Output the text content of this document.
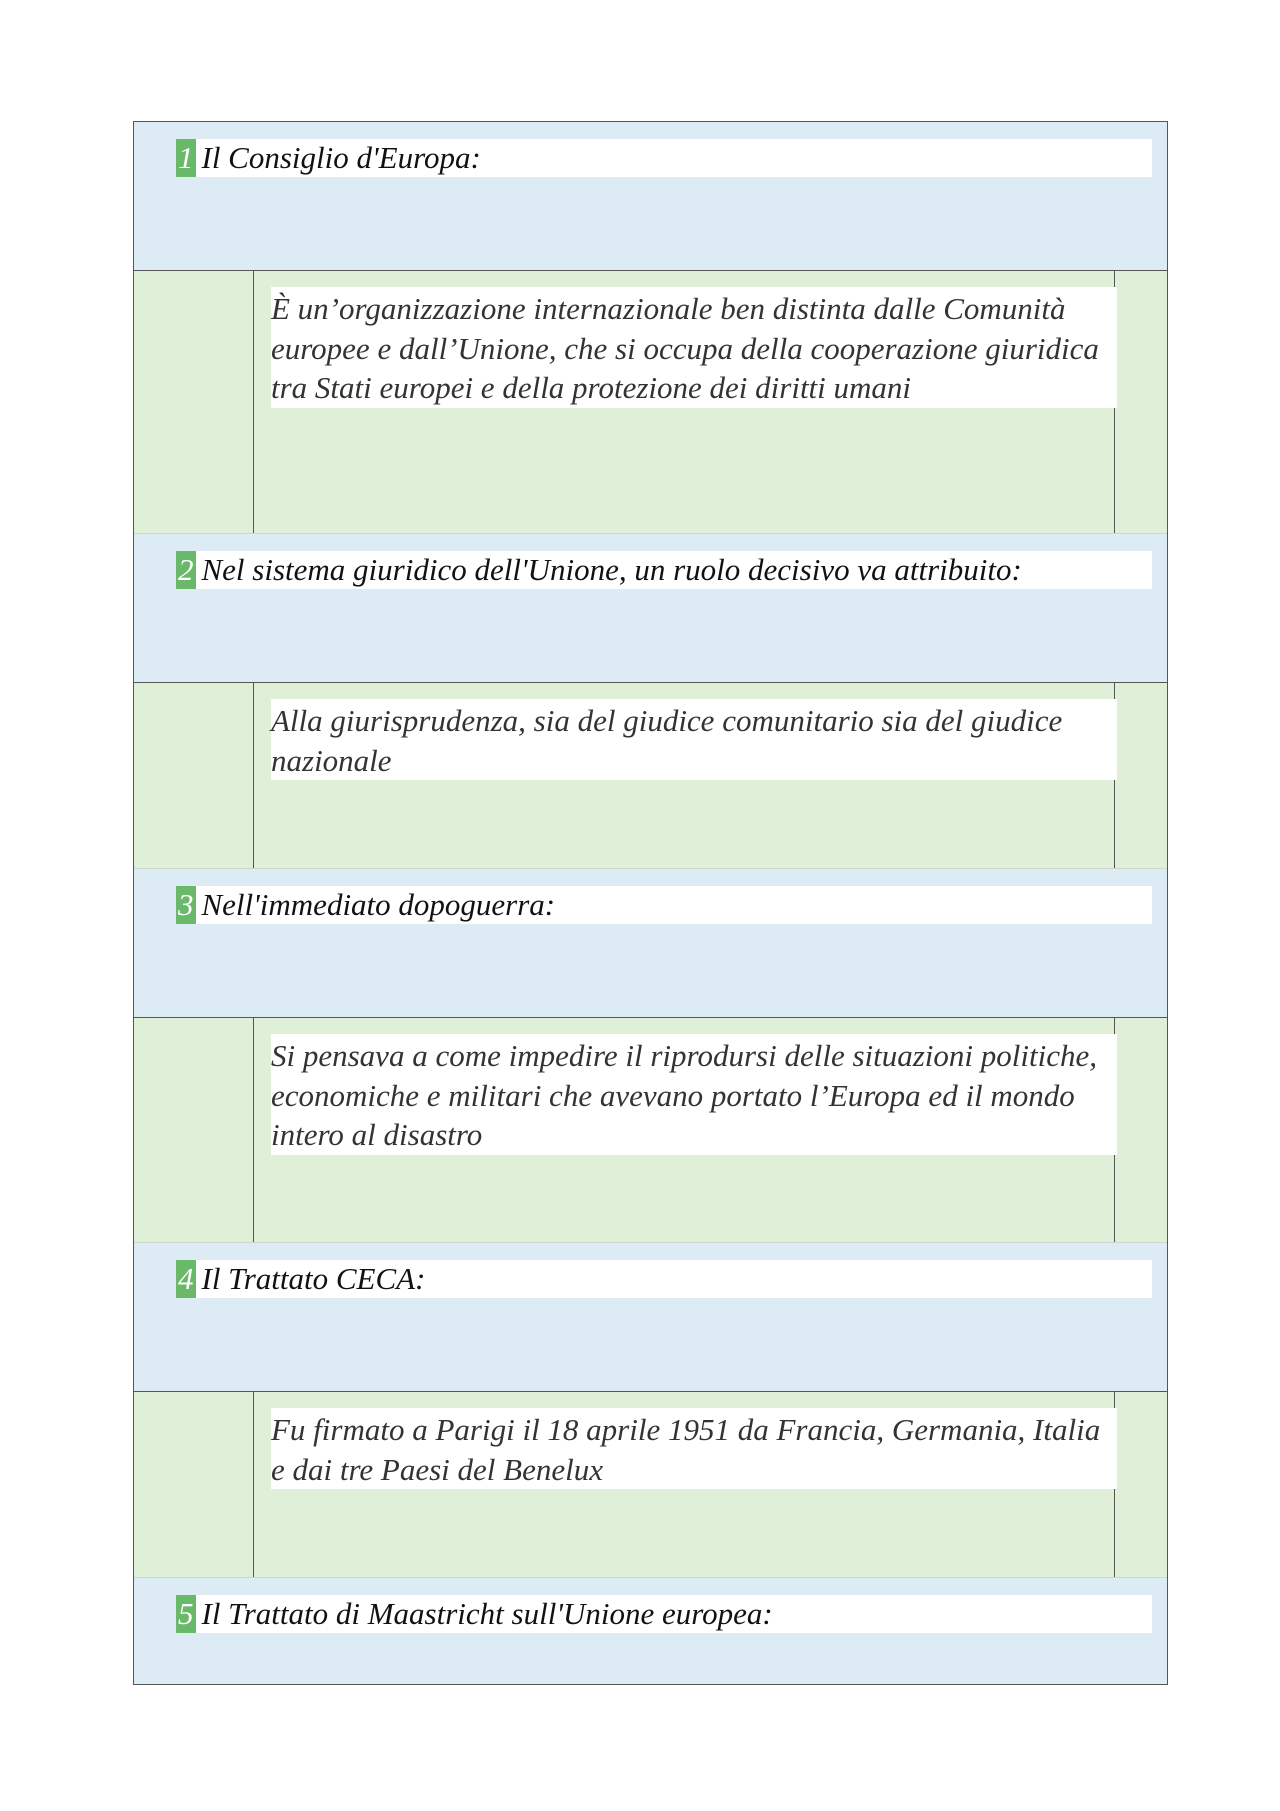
1 Il Consiglio d'Europa:
È un’organizzazione internazionale ben distinta dalle Comunità europee e dall’Unione, che si occupa della cooperazione giuridica tra Stati europei e della protezione dei diritti umani
2 Nel sistema giuridico dell'Unione, un ruolo decisivo va attribuito:
Alla giurisprudenza, sia del giudice comunitario sia del giudice nazionale
3 Nell'immediato dopoguerra:
Si pensava a come impedire il riprodursi delle situazioni politiche, economiche e militari che avevano portato l’Europa ed il mondo intero al disastro
4 Il Trattato CECA:
Fu firmato a Parigi il 18 aprile 1951 da Francia, Germania, Italia e dai tre Paesi del Benelux
5 Il Trattato di Maastricht sull'Unione europea:
